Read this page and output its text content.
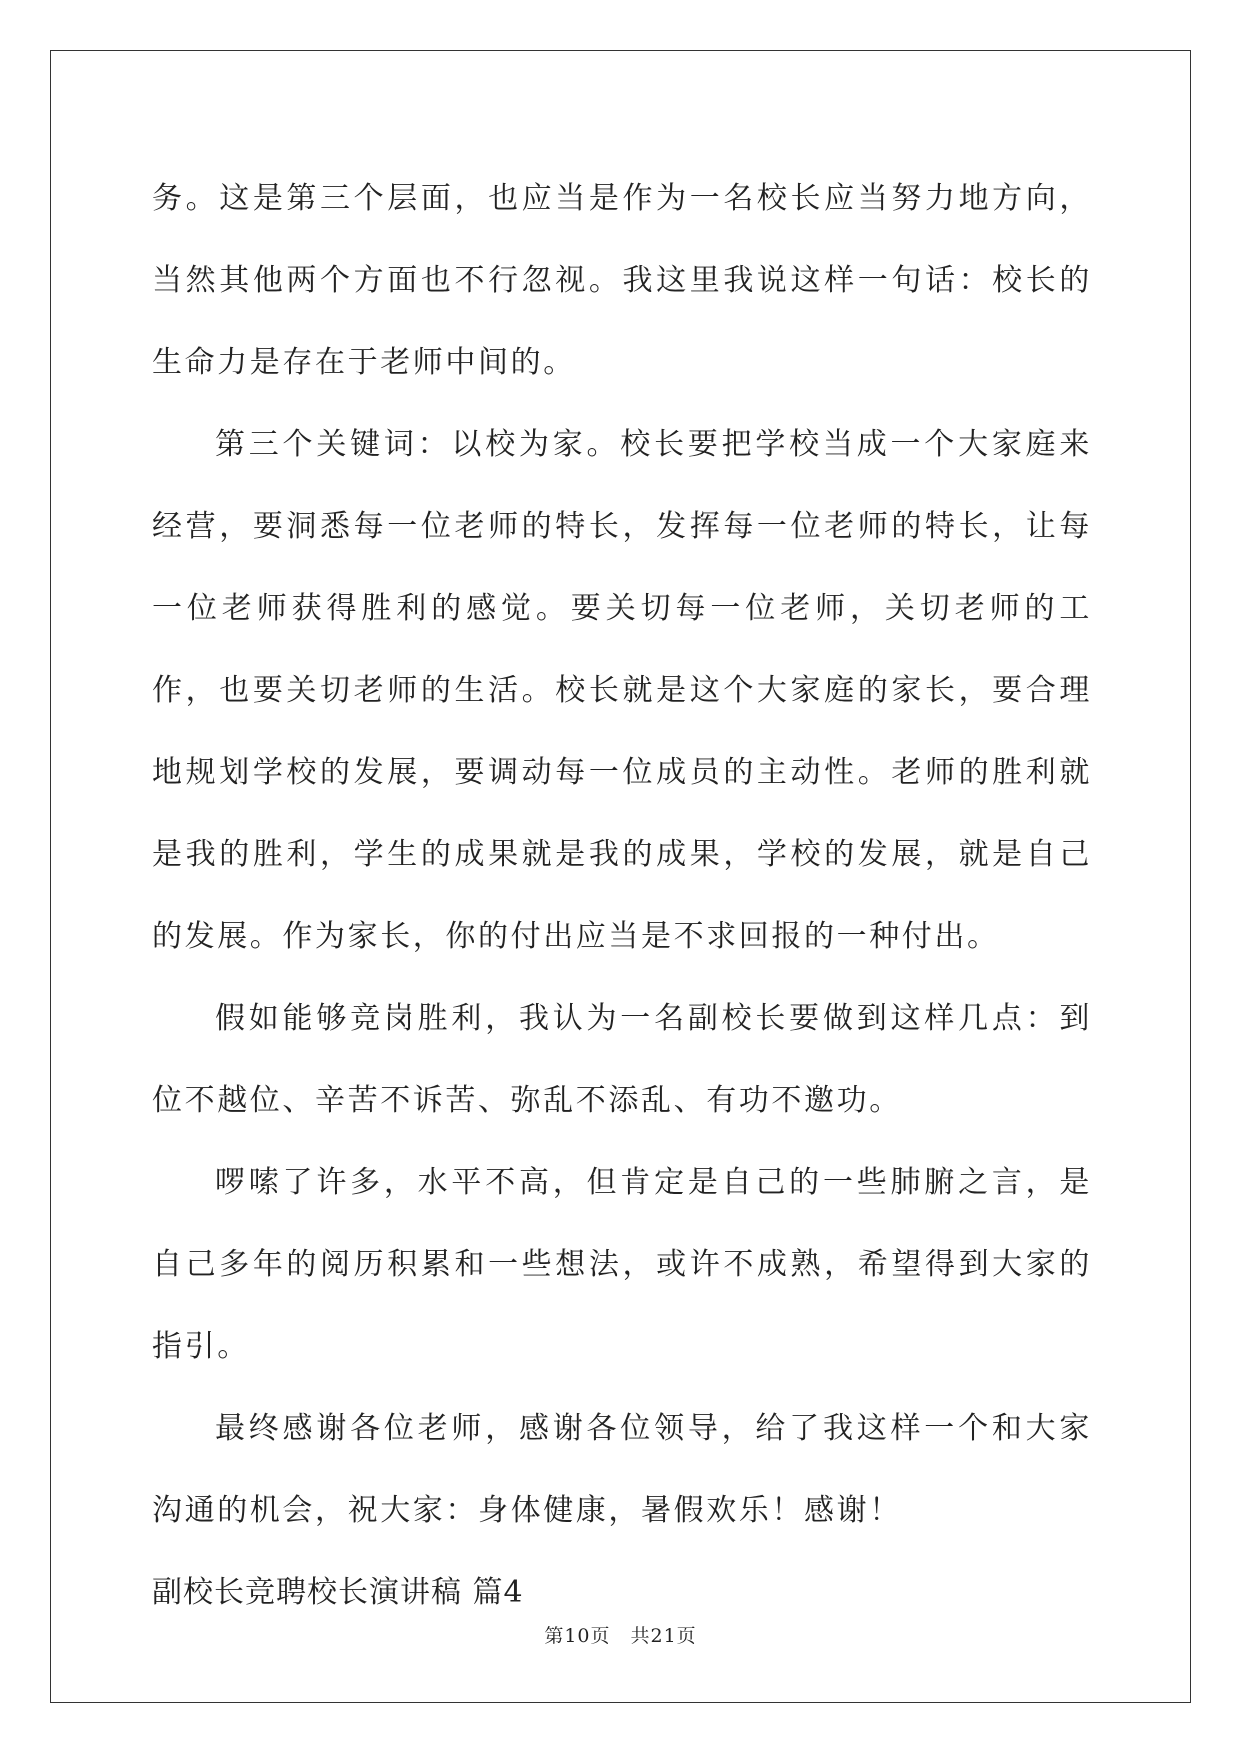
务。这是第三个层面，也应当是作为一名校长应当努力地方向，当然其他两个方面也不行忽视。我这里我说这样一句话：校长的生命力是存在于老师中间的。

第三个关键词：以校为家。校长要把学校当成一个大家庭来经营，要洞悉每一位老师的特长，发挥每一位老师的特长，让每一位老师获得胜利的感觉。要关切每一位老师，关切老师的工作，也要关切老师的生活。校长就是这个大家庭的家长，要合理地规划学校的发展，要调动每一位成员的主动性。老师的胜利就是我的胜利，学生的成果就是我的成果，学校的发展，就是自己的发展。作为家长，你的付出应当是不求回报的一种付出。

假如能够竞岗胜利，我认为一名副校长要做到这样几点：到位不越位、辛苦不诉苦、弥乱不添乱、有功不邀功。

啰嗦了许多，水平不高，但肯定是自己的一些肺腑之言，是自己多年的阅历积累和一些想法，或许不成熟，希望得到大家的指引。

最终感谢各位老师，感谢各位领导，给了我这样一个和大家沟通的机会，祝大家：身体健康，暑假欢乐！感谢！

副校长竞聘校长演讲稿 篇4

第10页　共21页
